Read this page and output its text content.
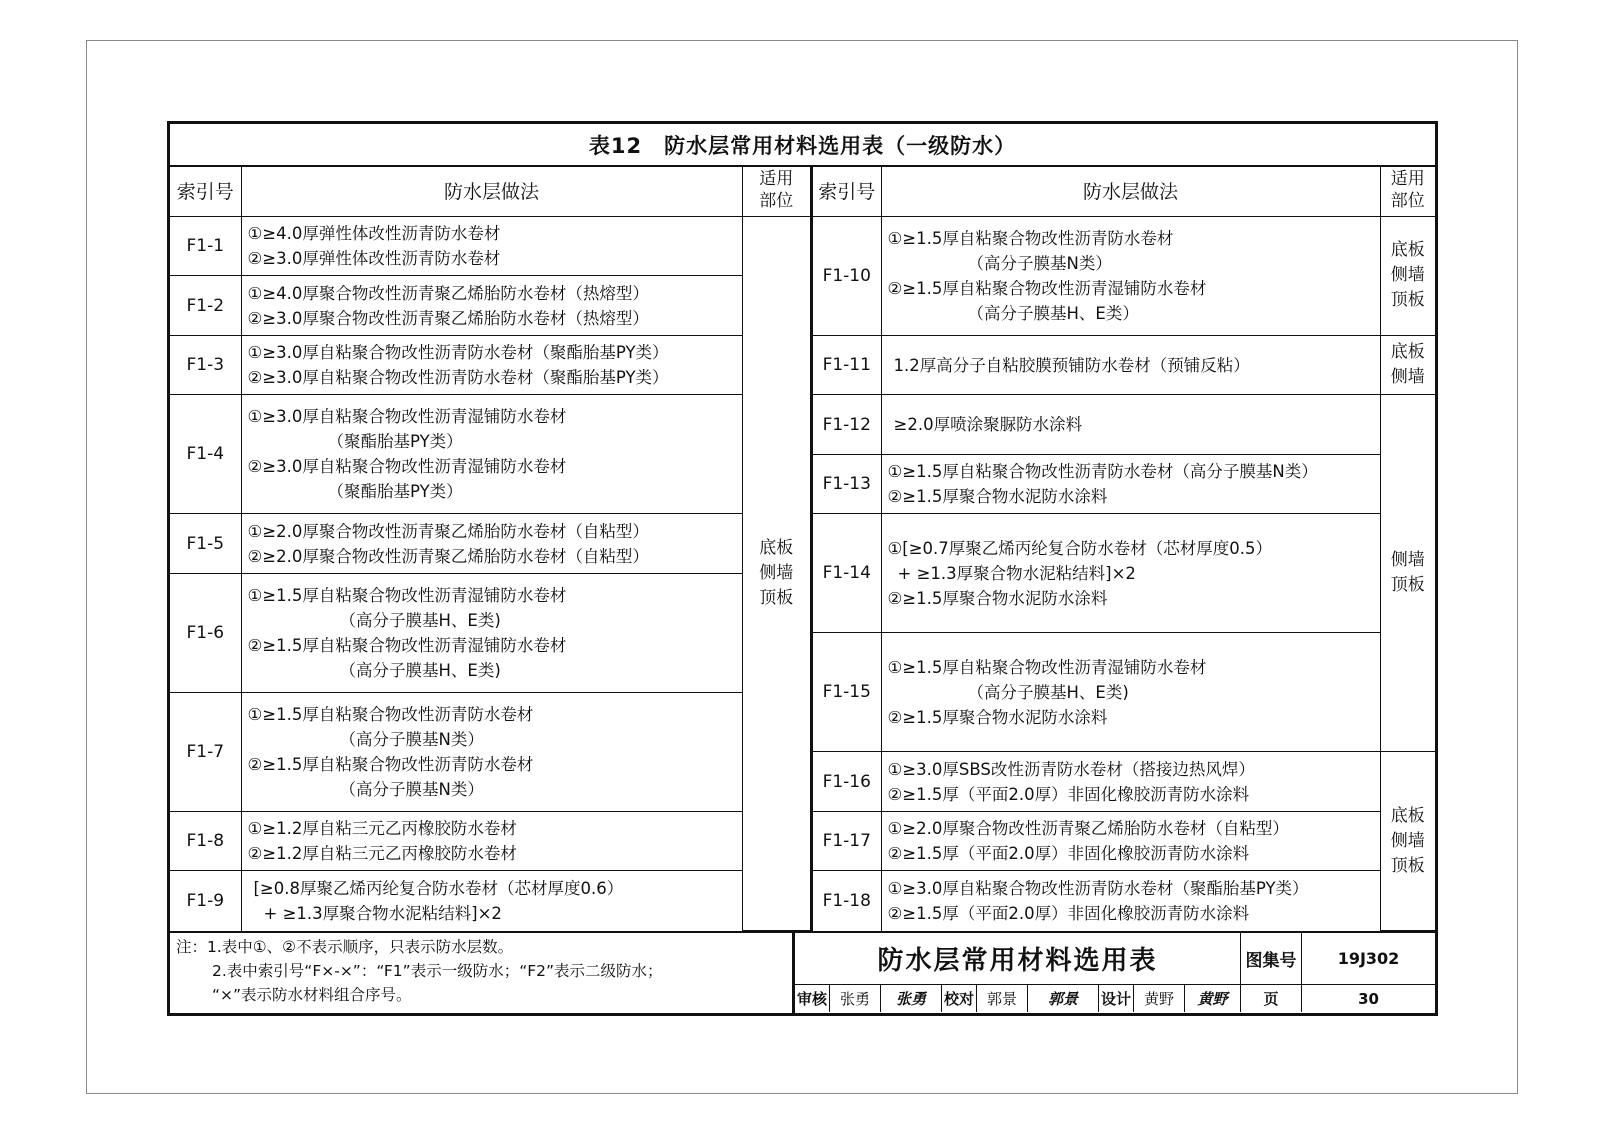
表12　防水层常用材料选用表（一级防水）
索引号	防水层做法	适用
部位

F1-1	①≥4.0厚弹性体改性沥青防水卷材
②≥3.0厚弹性体改性沥青防水卷材	底板
侧墙
顶板

F1-2	①≥4.0厚聚合物改性沥青聚乙烯胎防水卷材（热熔型）
②≥3.0厚聚合物改性沥青聚乙烯胎防水卷材（热熔型）	

F1-3	①≥3.0厚自粘聚合物改性沥青防水卷材（聚酯胎基PY类）
②≥3.0厚自粘聚合物改性沥青防水卷材（聚酯胎基PY类）	

F1-4	①≥3.0厚自粘聚合物改性沥青湿铺防水卷材
（聚酯胎基PY类）
②≥3.0厚自粘聚合物改性沥青湿铺防水卷材
（聚酯胎基PY类）	

F1-5	①≥2.0厚聚合物改性沥青聚乙烯胎防水卷材（自粘型）
②≥2.0厚聚合物改性沥青聚乙烯胎防水卷材（自粘型）	

F1-6	①≥1.5厚自粘聚合物改性沥青湿铺防水卷材
（高分子膜基H、E类)
②≥1.5厚自粘聚合物改性沥青湿铺防水卷材
（高分子膜基H、E类)	

F1-7	①≥1.5厚自粘聚合物改性沥青防水卷材
（高分子膜基N类）
②≥1.5厚自粘聚合物改性沥青防水卷材
（高分子膜基N类）	

F1-8	①≥1.2厚自粘三元乙丙橡胶防水卷材
②≥1.2厚自粘三元乙丙橡胶防水卷材	

F1-9	[≥0.8厚聚乙烯丙纶复合防水卷材（芯材厚度0.6）
+ ≥1.3厚聚合物水泥粘结料]×2	
索引号	防水层做法	适用
部位

F1-10	①≥1.5厚自粘聚合物改性沥青防水卷材
（高分子膜基N类）
②≥1.5厚自粘聚合物改性沥青湿铺防水卷材
（高分子膜基H、E类）	底板
侧墙
顶板

F1-11	1.2厚高分子自粘胶膜预铺防水卷材（预铺反粘）	底板
侧墙

F1-12	≥2.0厚喷涂聚脲防水涂料	侧墙
顶板

F1-13	①≥1.5厚自粘聚合物改性沥青防水卷材（高分子膜基N类）
②≥1.5厚聚合物水泥防水涂料	

F1-14	①[≥0.7厚聚乙烯丙纶复合防水卷材（芯材厚度0.5）
+ ≥1.3厚聚合物水泥粘结料]×2
②≥1.5厚聚合物水泥防水涂料	

F1-15	①≥1.5厚自粘聚合物改性沥青湿铺防水卷材
（高分子膜基H、E类)
②≥1.5厚聚合物水泥防水涂料	

F1-16	①≥3.0厚SBS改性沥青防水卷材（搭接边热风焊）
②≥1.5厚（平面2.0厚）非固化橡胶沥青防水涂料	底板
侧墙
顶板

F1-17	①≥2.0厚聚合物改性沥青聚乙烯胎防水卷材（自粘型）
②≥1.5厚（平面2.0厚）非固化橡胶沥青防水涂料	

F1-18	①≥3.0厚自粘聚合物改性沥青防水卷材（聚酯胎基PY类）
②≥1.5厚（平面2.0厚）非固化橡胶沥青防水涂料	
注：1.表中①、②不表示顺序，只表示防水层数。
2.表中索引号“F×-×”：“F1”表示一级防水；“F2”表示二级防水；
“×”表示防水材料组合序号。
防水层常用材料选用表	图集号	19J302
审核 张勇	张勇	校对 郭景	郭景	设计 黄野	黄野	页	30
